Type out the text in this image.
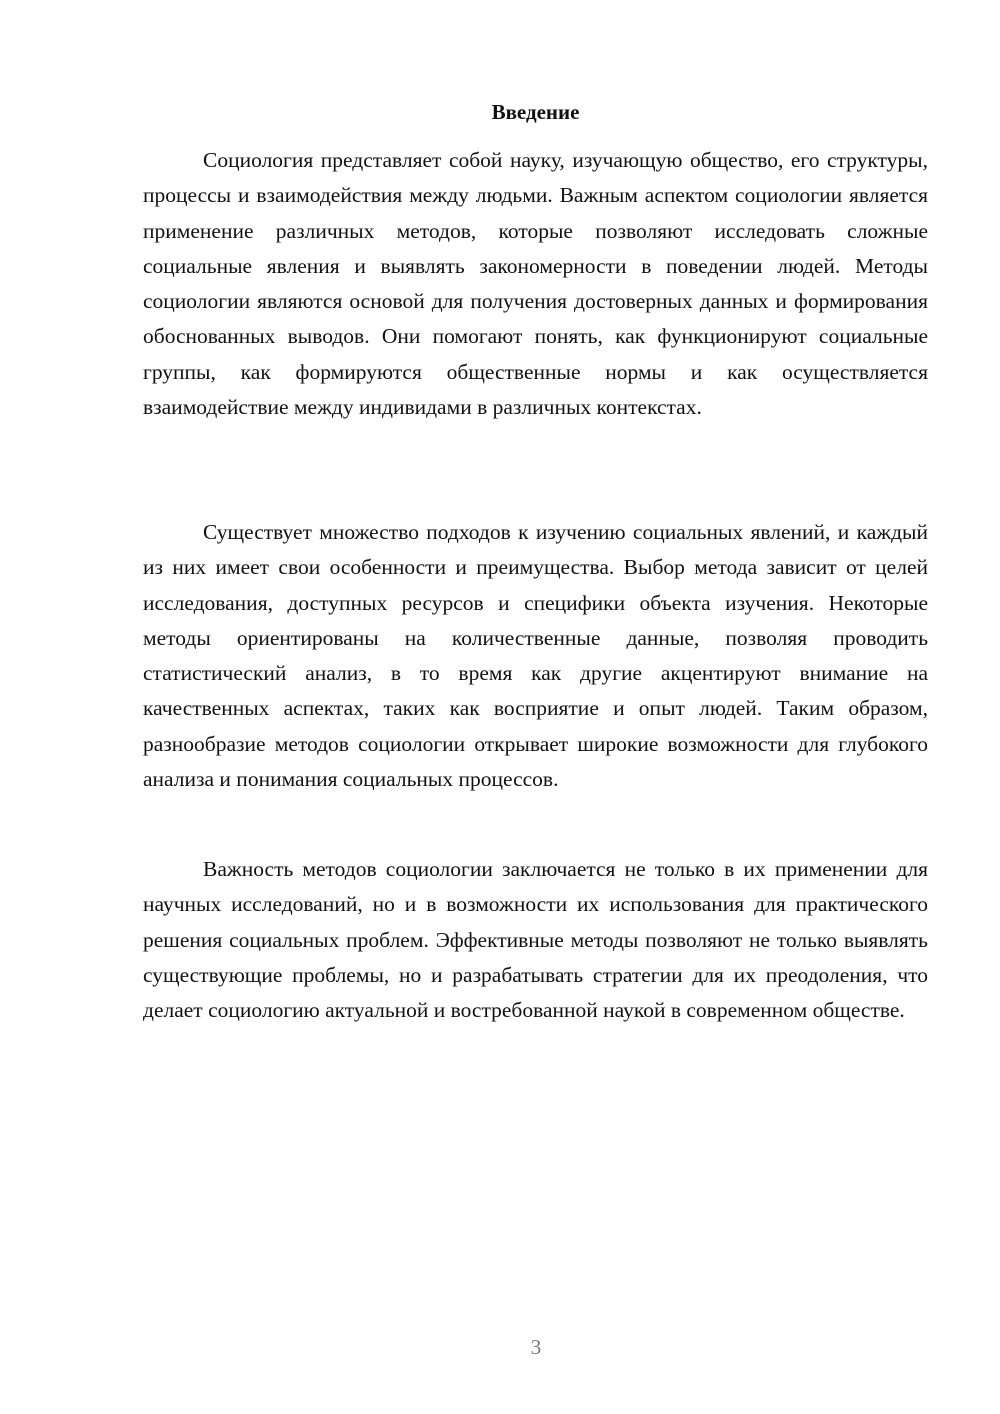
Введение

Социология представляет собой науку, изучающую общество, его структуры, процессы и взаимодействия между людьми. Важным аспектом социологии является применение различных методов, которые позволяют исследовать сложные социальные явления и выявлять закономерности в поведении людей. Методы социологии являются основой для получения достоверных данных и формирования обоснованных выводов. Они помогают понять, как функционируют социальные группы, как формируются общественные нормы и как осуществляется взаимодействие между индивидами в различных контекстах.

Существует множество подходов к изучению социальных явлений, и каждый из них имеет свои особенности и преимущества. Выбор метода зависит от целей исследования, доступных ресурсов и специфики объекта изучения. Некоторые методы ориентированы на количественные данные, позволяя проводить статистический анализ, в то время как другие акцентируют внимание на качественных аспектах, таких как восприятие и опыт людей. Таким образом, разнообразие методов социологии открывает широкие возможности для глубокого анализа и понимания социальных процессов.

Важность методов социологии заключается не только в их применении для научных исследований, но и в возможности их использования для практического решения социальных проблем. Эффективные методы позволяют не только выявлять существующие проблемы, но и разрабатывать стратегии для их преодоления, что делает социологию актуальной и востребованной наукой в современном обществе.

3
